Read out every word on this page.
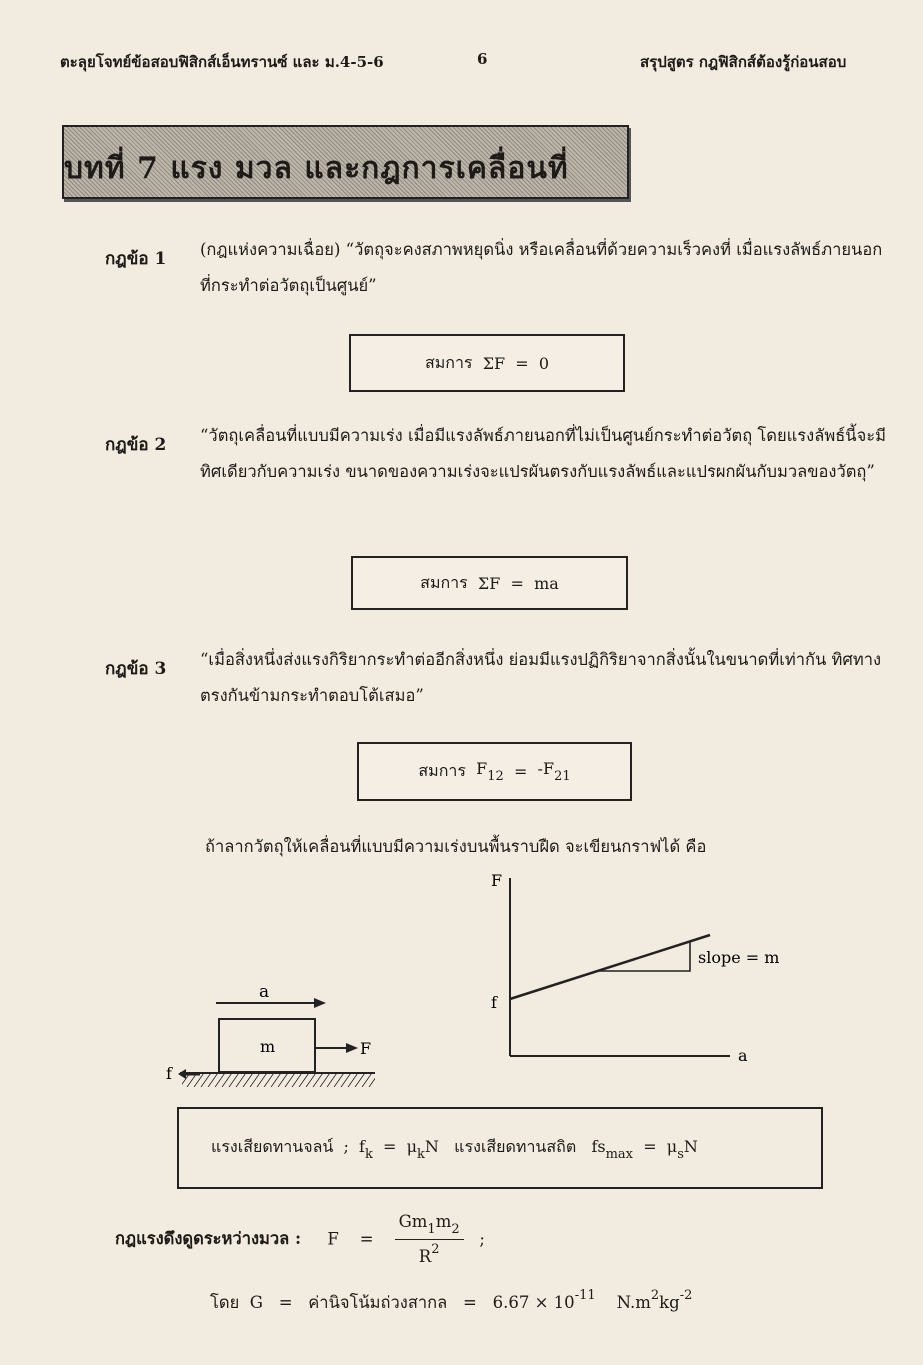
ตะลุยโจทย์ข้อสอบฟิสิกส์เอ็นทรานซ์ และ ม.4-5-6	6	สรุปสูตร กฎฟิสิกส์ต้องรู้ก่อนสอบ
บทที่ 7 แรง มวล และกฎการเคลื่อนที่
กฎข้อ 1 (กฎแห่งความเฉื่อย) “วัตถุจะคงสภาพหยุดนิ่ง หรือเคลื่อนที่ด้วยความเร็วคงที่ เมื่อแรงลัพธ์ภายนอกที่กระทำต่อวัตถุเป็นศูนย์”
สมการ
ΣF
=
0
กฎข้อ 2 “วัตถุเคลื่อนที่แบบมีความเร่ง เมื่อมีแรงลัพธ์ภายนอกที่ไม่เป็นศูนย์กระทำต่อวัตถุ โดยแรงลัพธ์นี้จะมีทิศเดียวกับความเร่ง ขนาดของความเร่งจะแปรผันตรงกับแรงลัพธ์และแปรผกผันกับมวลของวัตถุ”
สมการ
ΣF
=
ma
กฎข้อ 3 “เมื่อสิ่งหนึ่งส่งแรงกิริยากระทำต่ออีกสิ่งหนึ่ง ย่อมมีแรงปฏิกิริยาจากสิ่งนั้นในขนาดที่เท่ากัน ทิศทางตรงกันข้ามกระทำตอบโต้เสมอ”
สมการ
$F_{12}$
=
$-F_{21}$
ถ้าลากวัตถุให้เคลื่อนที่แบบมีความเร่งบนพื้นราบฝืด จะเขียนกราฟได้ คือ
a
m	F
f
F
a
f
slope = m
แรงเสียดทานจลน์ ; $f_k = \mu_kN$ แรงเสียดทานสถิต $fs_{max} = \mu_sN$
กฎแรงดึงดูดระหว่างมวล : $F = \frac{Gm_1m_2}{R^2}$ ;
โดย G = ค่านิจโน้มถ่วงสากล = $6.67 \times 10^{-11}$ $N.m^2kg^{-2}$
